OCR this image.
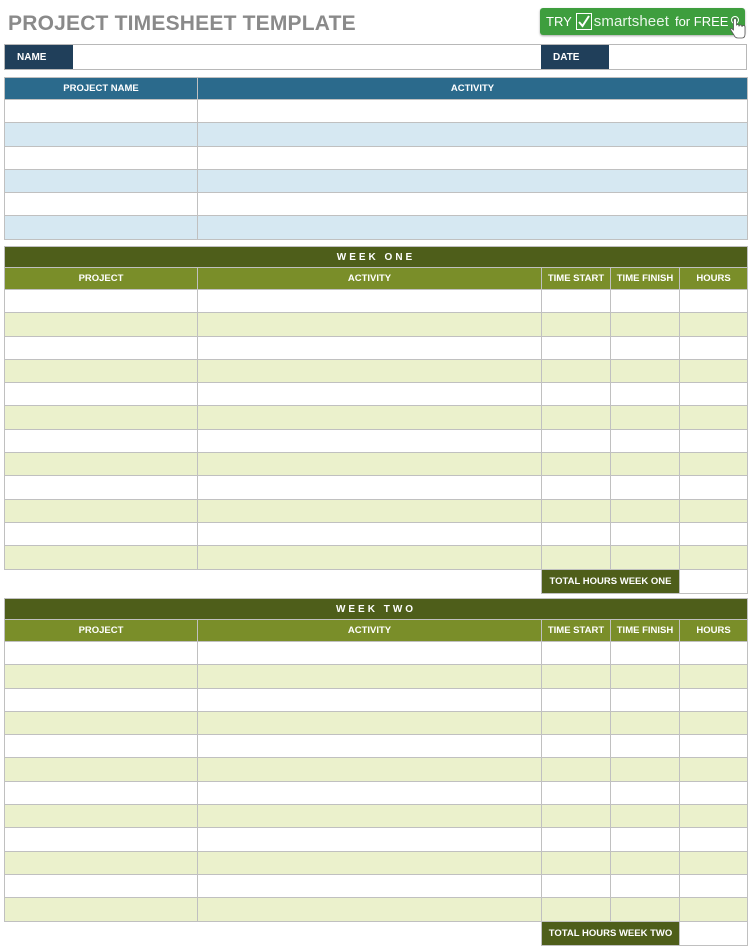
PROJECT TIMESHEET TEMPLATE	TRY smartsheet for FREE
NAME	DATE
PROJECT NAME	ACTIVITY

WEEK ONE				
PROJECT	ACTIVITY	TIME START	TIME FINISH	HOURS

		TOTAL HOURS WEEK ONE		
WEEK TWO				
PROJECT	ACTIVITY	TIME START	TIME FINISH	HOURS

		TOTAL HOURS WEEK TWO		
